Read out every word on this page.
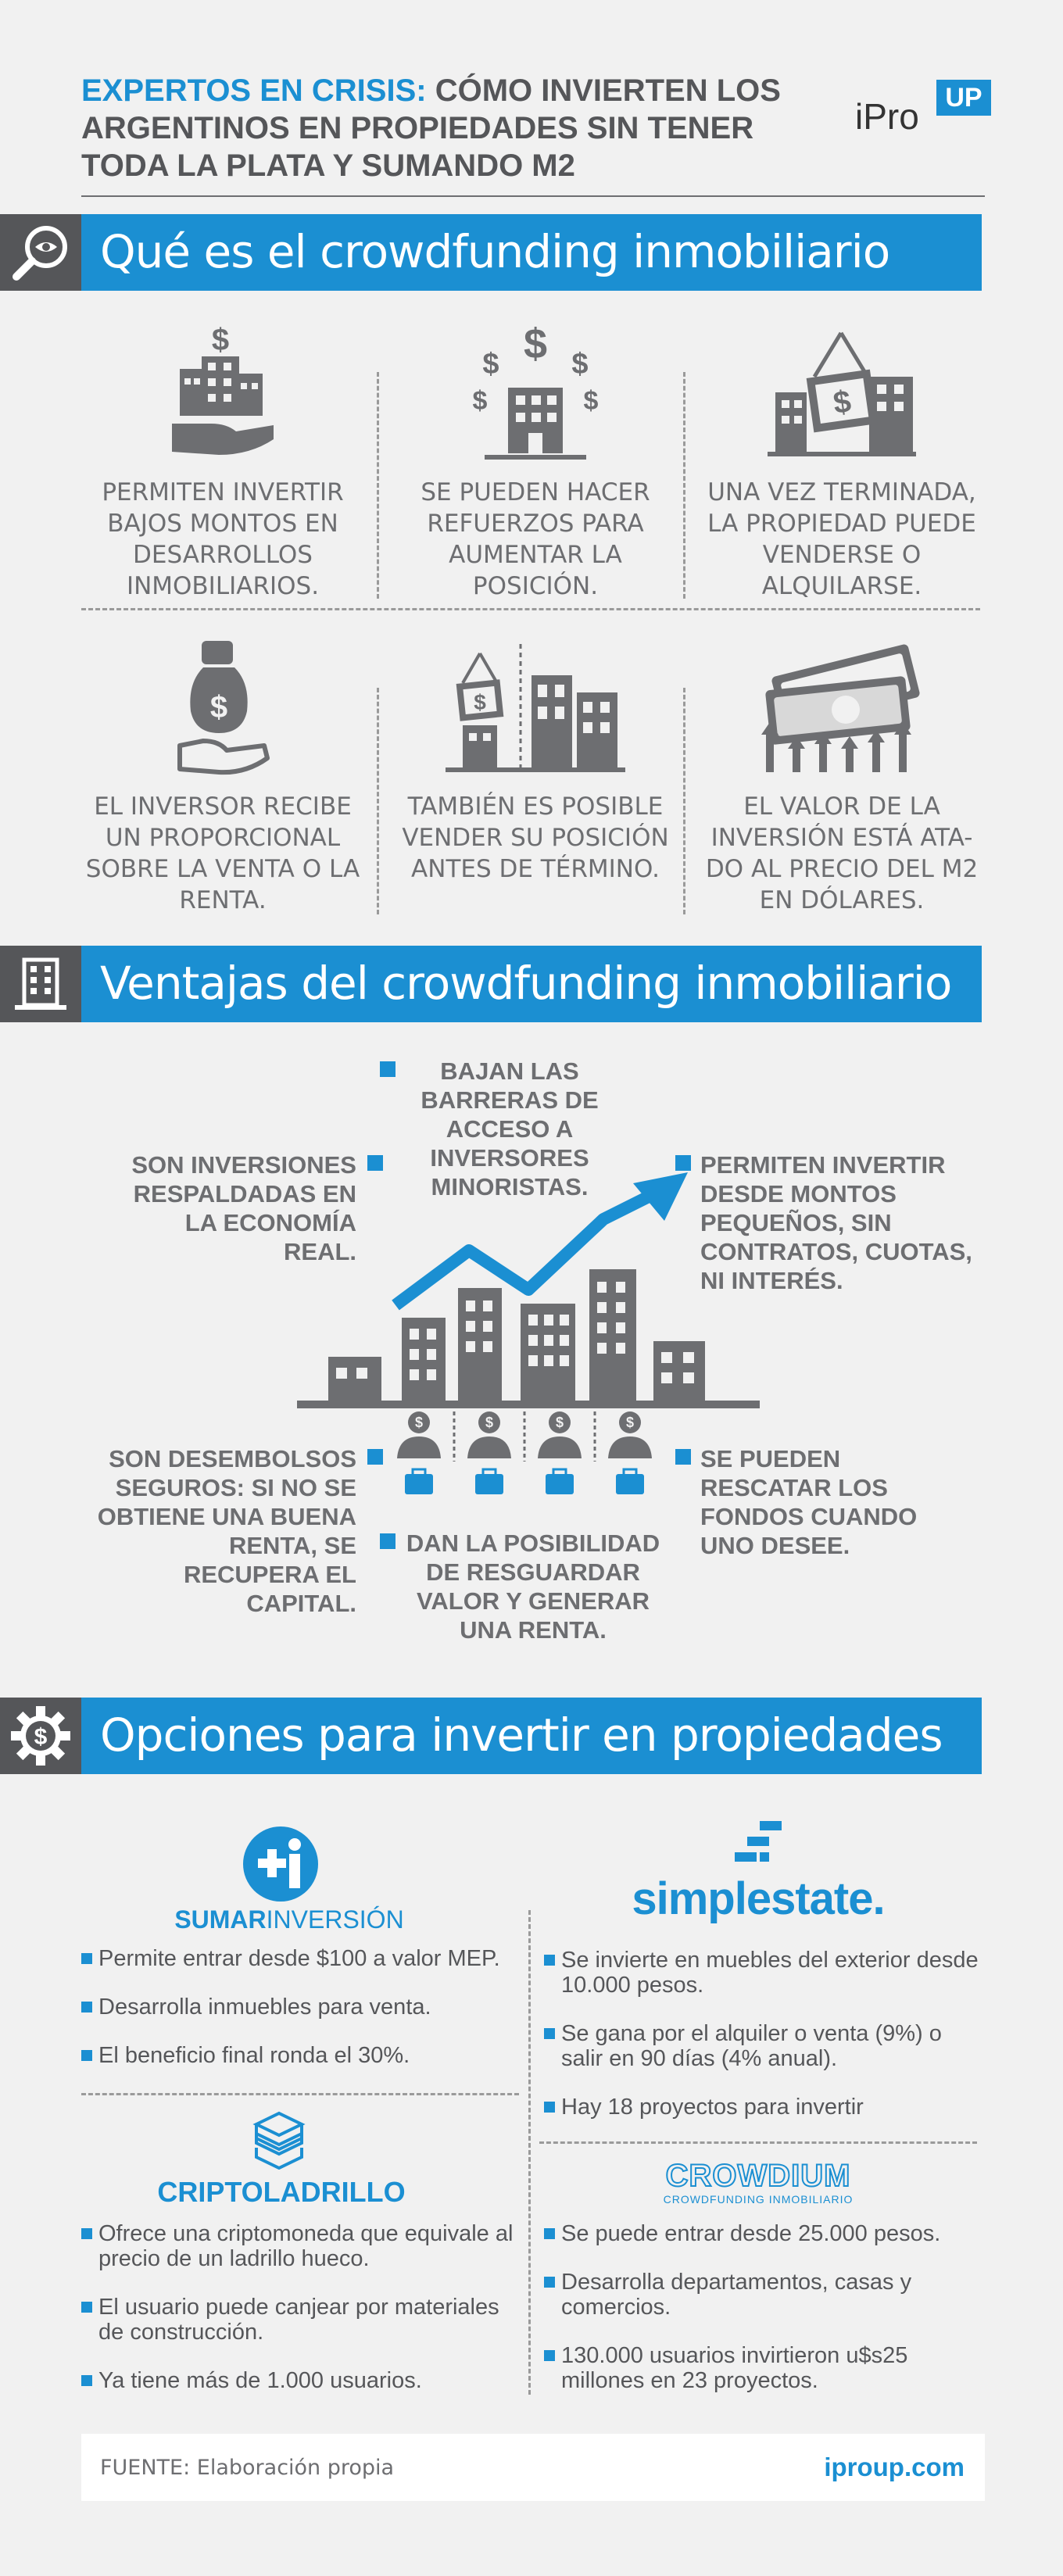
EXPERTOS EN CRISIS: CÓMO INVIERTEN LOS ARGENTINOS EN PROPIEDADES SIN TENER TODA LA PLATA Y SUMANDO M2
iPro UP
Qué es el crowdfunding inmobiliario
$
PERMITEN INVERTIR BAJOS MONTOS EN DESARROLLOS INMOBILIARIOS.
$
$ $
$	$
SE PUEDEN HACER REFUERZOS PARA AUMENTAR LA POSICIÓN.
$
UNA VEZ TERMINADA, LA PROPIEDAD PUEDE VENDERSE O ALQUILARSE.
$
EL INVERSOR RECIBE UN PROPORCIONAL SOBRE LA VENTA O LA RENTA.
$
TAMBIÉN ES POSIBLE VENDER SU POSICIÓN ANTES DE TÉRMINO.
EL VALOR DE LA INVERSIÓN ESTÁ ATA-DO AL PRECIO DEL M2 EN DÓLARES.
Ventajas del crowdfunding inmobiliario
BAJAN LAS BARRERAS DE ACCESO A INVERSORES MINORISTAS.
SON INVERSIONES RESPALDADAS EN LA ECONOMÍA REAL.
PERMITEN INVERTIR DESDE MONTOS PEQUEÑOS, SIN CONTRATOS, CUOTAS, NI INTERÉS.
SON DESEMBOLSOS SEGUROS: SI NO SE OBTIENE UNA BUENA RENTA, SE RECUPERA EL CAPITAL.
SE PUEDEN RESCATAR LOS FONDOS CUANDO UNO DESEE.
DAN LA POSIBILIDAD DE RESGUARDAR VALOR Y GENERAR UNA RENTA.
$	$	$	$
$ Opciones para invertir en propiedades
SUMARINVERSIÓN
Permite entrar desde $100 a valor MEP.
Desarrolla inmuebles para venta.
El beneficio final ronda el 30%.
simplestate.
Se invierte en muebles del exterior desde 10.000 pesos.
Se gana por el alquiler o venta (9%) o salir en 90 días (4% anual).
Hay 18 proyectos para invertir
CRIPTOLADRILLO
Ofrece una criptomoneda que equivale al precio de un ladrillo hueco.
El usuario puede canjear por materiales de construcción.
Ya tiene más de 1.000 usuarios.
CROWDIUM
CROWDFUNDING INMOBILIARIO
Se puede entrar desde 25.000 pesos.
Desarrolla departamentos, casas y comercios.
130.000 usuarios invirtieron u$s25 millones en 23 proyectos.
FUENTE: Elaboración propia	iproup.com
